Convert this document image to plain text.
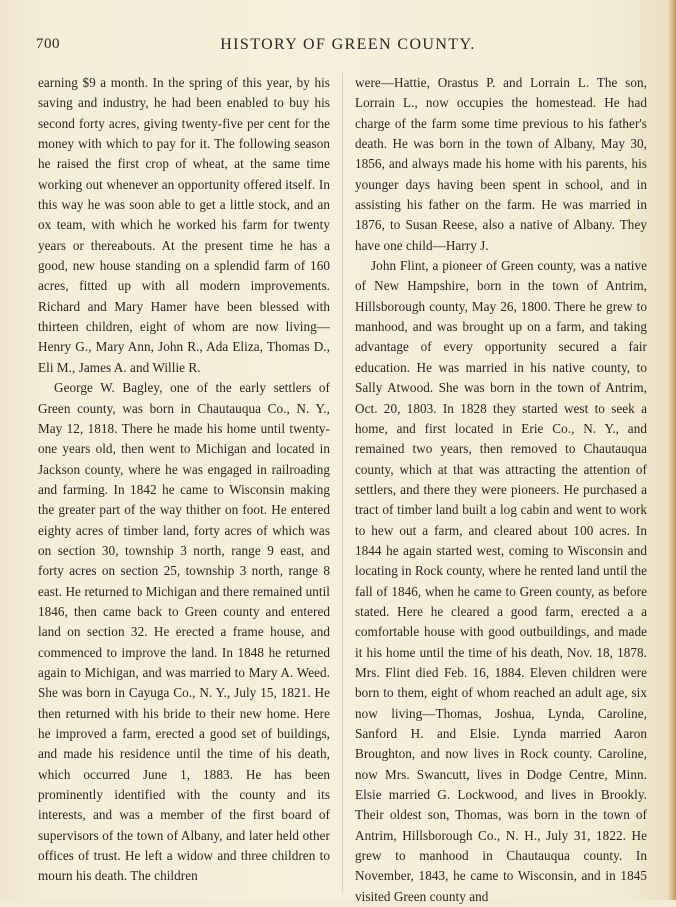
700	HISTORY OF GREEN COUNTY.

earning $9 a month. In the spring of this year, by his saving and industry, he had been enabled to buy his second forty acres, giving twenty-five per cent for the money with which to pay for it. The following season he raised the first crop of wheat, at the same time working out whenever an opportunity offered itself. In this way he was soon able to get a little stock, and an ox team, with which he worked his farm for twenty years or thereabouts. At the present time he has a good, new house standing on a splendid farm of 160 acres, fitted up with all modern improvements. Richard and Mary Hamer have been blessed with thirteen children, eight of whom are now living—Henry G., Mary Ann, John R., Ada Eliza, Thomas D., Eli M., James A. and Willie R.

George W. Bagley, one of the early settlers of Green county, was born in Chautauqua Co., N. Y., May 12, 1818. There he made his home until twenty-one years old, then went to Michigan and located in Jackson county, where he was engaged in railroading and farming. In 1842 he came to Wisconsin making the greater part of the way thither on foot. He entered eighty acres of timber land, forty acres of which was on section 30, township 3 north, range 9 east, and forty acres on section 25, township 3 north, range 8 east. He returned to Michigan and there remained until 1846, then came back to Green county and entered land on section 32. He erected a frame house, and commenced to improve the land. In 1848 he returned again to Michigan, and was married to Mary A. Weed. She was born in Cayuga Co., N. Y., July 15, 1821. He then returned with his bride to their new home. Here he improved a farm, erected a good set of buildings, and made his residence until the time of his death, which occurred June 1, 1883. He has been prominently identified with the county and its interests, and was a member of the first board of supervisors of the town of Albany, and later held other offices of trust. He left a widow and three children to mourn his death. The children

were—Hattie, Orastus P. and Lorrain L. The son, Lorrain L., now occupies the homestead. He had charge of the farm some time previous to his father's death. He was born in the town of Albany, May 30, 1856, and always made his home with his parents, his younger days having been spent in school, and in assisting his father on the farm. He was married in 1876, to Susan Reese, also a native of Albany. They have one child—Harry J.

John Flint, a pioneer of Green county, was a native of New Hampshire, born in the town of Antrim, Hillsborough county, May 26, 1800. There he grew to manhood, and was brought up on a farm, and taking advantage of every opportunity secured a fair education. He was married in his native county, to Sally Atwood. She was born in the town of Antrim, Oct. 20, 1803. In 1828 they started west to seek a home, and first located in Erie Co., N. Y., and remained two years, then removed to Chautauqua county, which at that was attracting the attention of settlers, and there they were pioneers. He purchased a tract of timber land built a log cabin and went to work to hew out a farm, and cleared about 100 acres. In 1844 he again started west, coming to Wisconsin and locating in Rock county, where he rented land until the fall of 1846, when he came to Green county, as before stated. Here he cleared a good farm, erected a a comfortable house with good outbuildings, and made it his home until the time of his death, Nov. 18, 1878. Mrs. Flint died Feb. 16, 1884. Eleven children were born to them, eight of whom reached an adult age, six now living—Thomas, Joshua, Lynda, Caroline, Sanford H. and Elsie. Lynda married Aaron Broughton, and now lives in Rock county. Caroline, now Mrs. Swancutt, lives in Dodge Centre, Minn. Elsie married G. Lockwood, and lives in Brookly. Their oldest son, Thomas, was born in the town of Antrim, Hillsborough Co., N. H., July 31, 1822. He grew to manhood in Chautauqua county. In November, 1843, he came to Wisconsin, and in 1845 visited Green county and
